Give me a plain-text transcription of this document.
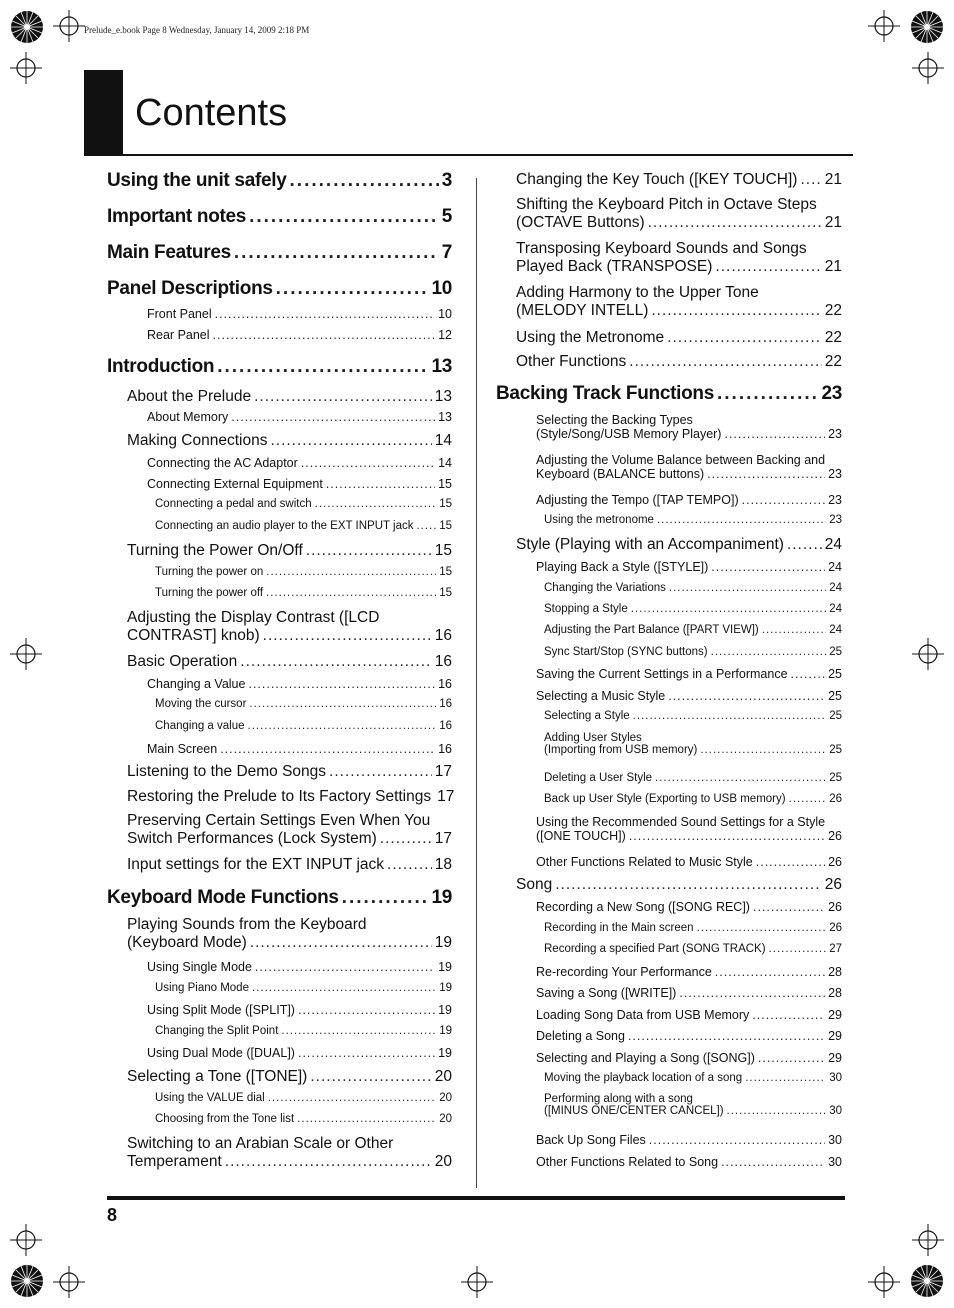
Prelude_e.book Page 8 Wednesday, January 14, 2009 2:18 PM
Contents
8
Using the unit safely .....	3
Important notes .....	5
Main Features .....	7
Panel Descriptions .....	10
Front Panel .....	10
Rear Panel .....	12
Introduction .....	13
About the Prelude .....	13
About Memory .....	13
Making Connections .....	14
Connecting the AC Adaptor .....	14
Connecting External Equipment .....	15
Connecting a pedal and switch .....	15
Connecting an audio player to the EXT INPUT jack ..... 15
Turning the Power On/Off .....	15
Turning the power on .....	15
Turning the power off .....	15
Adjusting the Display Contrast ([LCD
CONTRAST] knob) .....	16
Basic Operation .....	16
Changing a Value .....	16
Moving the cursor .....	16
Changing a value .....	16
Main Screen .....	16
Listening to the Demo Songs .....	17
Restoring the Prelude to Its Factory Settings 17
Preserving Certain Settings Even When You
Switch Performances (Lock System) .....	17
Input settings for the EXT INPUT jack .....	18
Keyboard Mode Functions .....	19
Playing Sounds from the Keyboard
(Keyboard Mode) .....	19
Using Single Mode .....	19
Using Piano Mode .....	19
Using Split Mode ([SPLIT]) .....	19
Changing the Split Point .....	19
Using Dual Mode ([DUAL]) .....	19
Selecting a Tone ([TONE]) .....	20
Using the VALUE dial .....	20
Choosing from the Tone list .....	20
Switching to an Arabian Scale or Other
Temperament .....	20
Changing the Key Touch ([KEY TOUCH]) ..... 21
Shifting the Keyboard Pitch in Octave Steps
(OCTAVE Buttons) .....	21
Transposing Keyboard Sounds and Songs
Played Back (TRANSPOSE) .....	21
Adding Harmony to the Upper Tone
(MELODY INTELL) .....	22
Using the Metronome .....	22
Other Functions .....	22
Backing Track Functions .....	23
Selecting the Backing Types
(Style/Song/USB Memory Player) .....	23
Adjusting the Volume Balance between Backing and
Keyboard (BALANCE buttons) .....	23
Adjusting the Tempo ([TAP TEMPO]) .....	23
Using the metronome .....	23
Style (Playing with an Accompaniment) .....	24
Playing Back a Style ([STYLE]) .....	24
Changing the Variations .....	24
Stopping a Style .....	24
Adjusting the Part Balance ([PART VIEW]) .....	24
Sync Start/Stop (SYNC buttons) .....	25
Saving the Current Settings in a Performance .....	25
Selecting a Music Style .....	25
Selecting a Style .....	25
Adding User Styles
(Importing from USB memory) .....	25
Deleting a User Style .....	25
Back up User Style (Exporting to USB memory) .....	26
Using the Recommended Sound Settings for a Style
([ONE TOUCH]) .....	26
Other Functions Related to Music Style .....	26
Song .....	26
Recording a New Song ([SONG REC]) .....	26
Recording in the Main screen .....	26
Recording a specified Part (SONG TRACK) .....	27
Re-recording Your Performance .....	28
Saving a Song ([WRITE]) .....	28
Loading Song Data from USB Memory .....	29
Deleting a Song .....	29
Selecting and Playing a Song ([SONG]) .....	29
Moving the playback location of a song .....	30
Performing along with a song
([MINUS ONE/CENTER CANCEL]) .....	30
Back Up Song Files .....	30
Other Functions Related to Song .....	30
